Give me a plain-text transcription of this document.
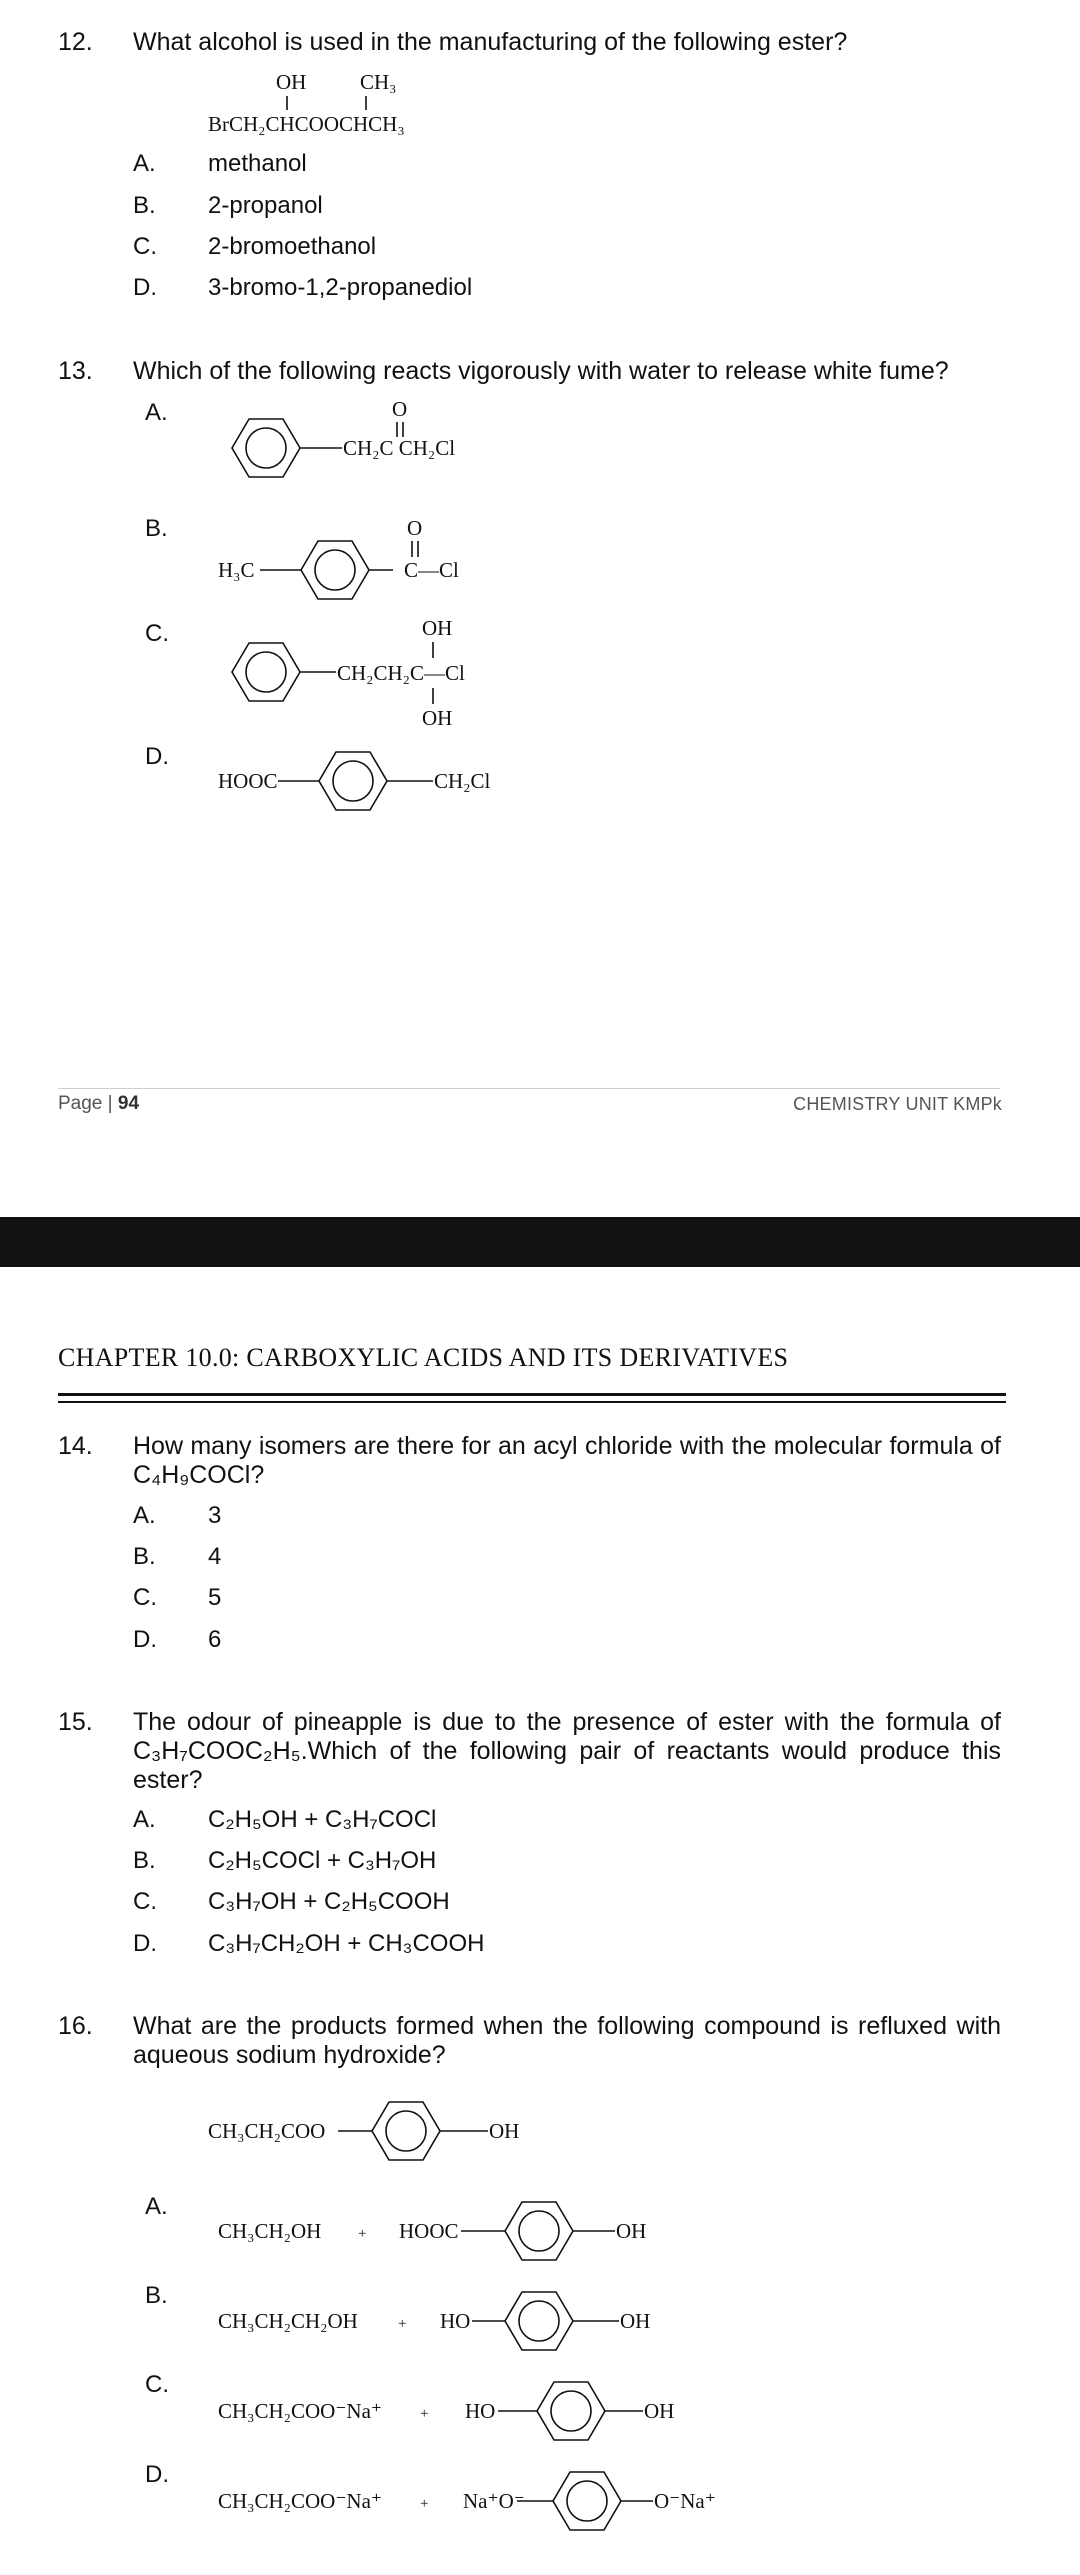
12. What alcohol is used in the manufacturing of the following ester?
OH	CH₃
BrCH₂CHCOOCHCH₃
A. methanol
B. 2-propanol
C. 2-bromoethanol
D. 3-bromo-1,2-propanediol
13. Which of the following reacts vigorously with water to release white fume?
A.	O
CH₂C CH₂Cl
B.
H₃C
O
C—Cl
C.	OH
CH₂CH₂C—Cl
OH
D.
HOOC	CH₂Cl
Page | 94	CHEMISTRY UNIT KMPk
CHAPTER 10.0: CARBOXYLIC ACIDS AND ITS DERIVATIVES
14. How many isomers are there for an acyl chloride with the molecular formula of C₄H₉COCl?
A. 3
B. 4
C. 5
D. 6
15. The odour of pineapple is due to the presence of ester with the formula of C₃H₇COOC₂H₅.Which of the following pair of reactants would produce this ester?
A. C₂H₅OH + C₃H₇COCl
B. C₂H₅COCl + C₃H₇OH
C. C₃H₇OH + C₂H₅COOH
D. C₃H₇CH₂OH + CH₃COOH
16. What are the products formed when the following compound is refluxed with aqueous sodium hydroxide?
CH₃CH₂COO	OH
A.
CH₃CH₂OH + HOOC	OH
B.
CH₃CH₂CH₂OH	+ HO	OH
C.
CH₃CH₂COO⁻Na⁺	+ HO	OH
D.
CH₃CH₂COO⁻Na⁺	+ Na⁺O⁻	O⁻Na⁺
